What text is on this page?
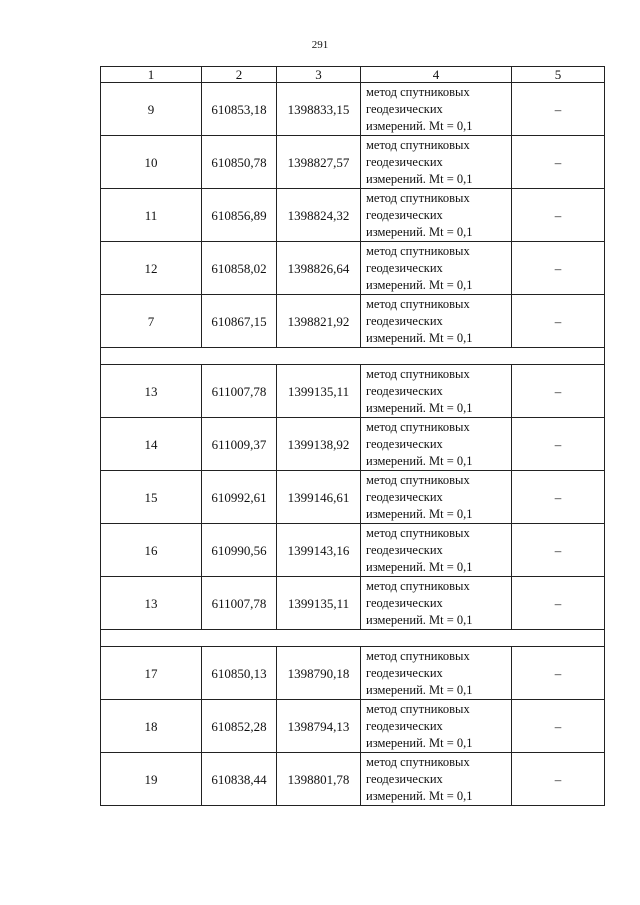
291
1	2	3	4	5
9	610853,18	1398833,15	метод спутниковых
геодезических
измерений. Mt = 0,1	–
10	610850,78	1398827,57	метод спутниковых
геодезических
измерений. Mt = 0,1	–
11	610856,89	1398824,32	метод спутниковых
геодезических
измерений. Mt = 0,1	–
12	610858,02	1398826,64	метод спутниковых
геодезических
измерений. Mt = 0,1	–
7	610867,15	1398821,92	метод спутниковых
геодезических
измерений. Mt = 0,1	–

13	611007,78	1399135,11	метод спутниковых
геодезических
измерений. Mt = 0,1	–
14	611009,37	1399138,92	метод спутниковых
геодезических
измерений. Mt = 0,1	–
15	610992,61	1399146,61	метод спутниковых
геодезических
измерений. Mt = 0,1	–
16	610990,56	1399143,16	метод спутниковых
геодезических
измерений. Mt = 0,1	–
13	611007,78	1399135,11	метод спутниковых
геодезических
измерений. Mt = 0,1	–

17	610850,13	1398790,18	метод спутниковых
геодезических
измерений. Mt = 0,1	–
18	610852,28	1398794,13	метод спутниковых
геодезических
измерений. Mt = 0,1	–
19	610838,44	1398801,78	метод спутниковых
геодезических
измерений. Mt = 0,1	–
